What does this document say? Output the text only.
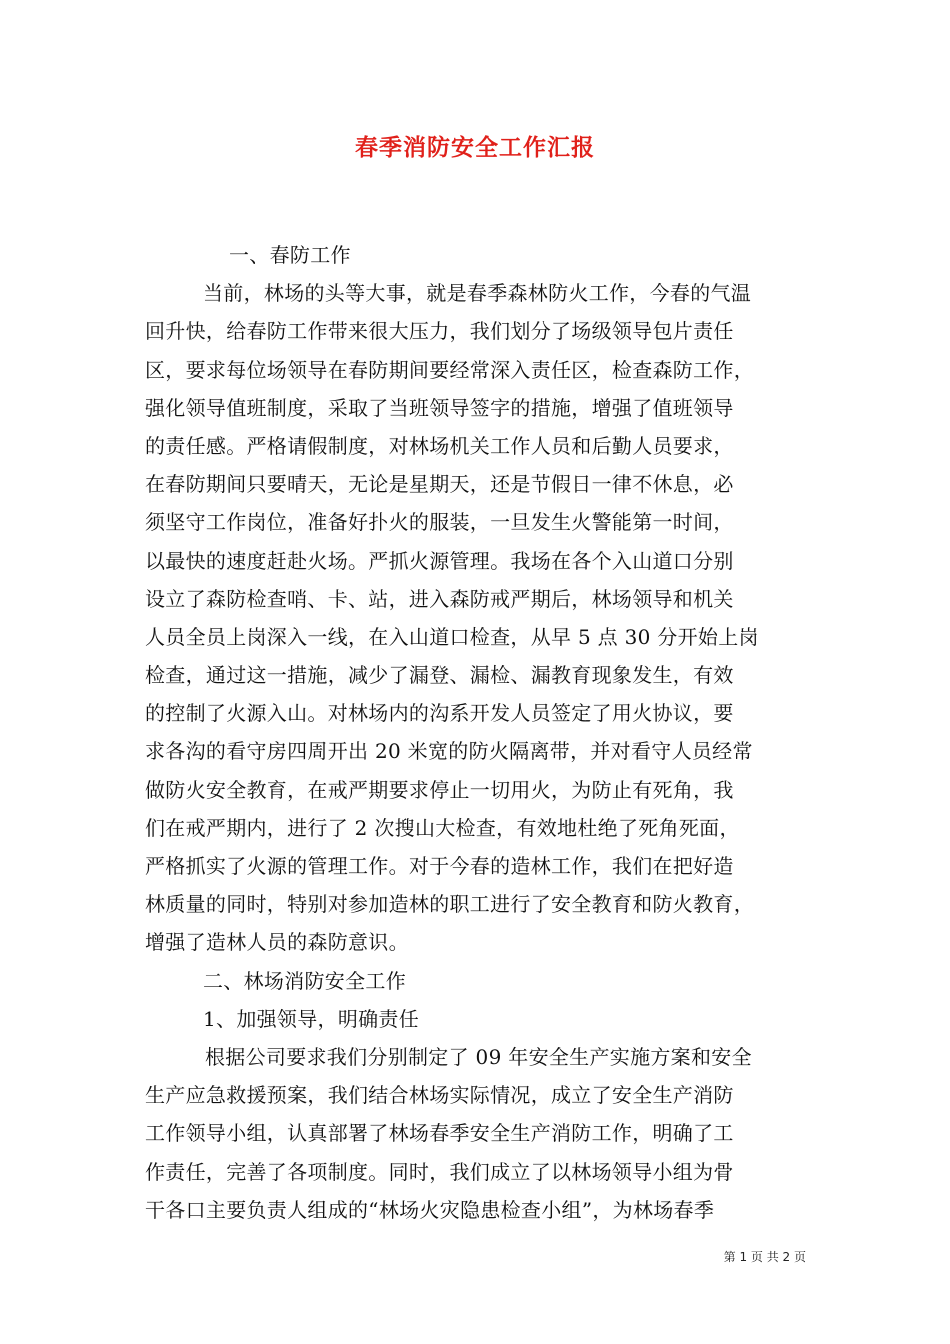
春季消防安全工作汇报
一、春防工作
当前，林场的头等大事，就是春季森林防火工作，今春的气温
回升快，给春防工作带来很大压力，我们划分了场级领导包片责任
区，要求每位场领导在春防期间要经常深入责任区，检查森防工作，
强化领导值班制度，采取了当班领导签字的措施，增强了值班领导
的责任感。严格请假制度，对林场机关工作人员和后勤人员要求，
在春防期间只要晴天，无论是星期天，还是节假日一律不休息，必
须坚守工作岗位，准备好扑火的服装，一旦发生火警能第一时间，
以最快的速度赶赴火场。严抓火源管理。我场在各个入山道口分别
设立了森防检查哨、卡、站，进入森防戒严期后，林场领导和机关
人员全员上岗深入一线，在入山道口检查，从早 5 点 30 分开始上岗
检查，通过这一措施，减少了漏登、漏检、漏教育现象发生，有效
的控制了火源入山。对林场内的沟系开发人员签定了用火协议，要
求各沟的看守房四周开出 20 米宽的防火隔离带，并对看守人员经常
做防火安全教育，在戒严期要求停止一切用火，为防止有死角，我
们在戒严期内，进行了 2 次搜山大检查，有效地杜绝了死角死面，
严格抓实了火源的管理工作。对于今春的造林工作，我们在把好造
林质量的同时，特别对参加造林的职工进行了安全教育和防火教育，
增强了造林人员的森防意识。
二、林场消防安全工作
1、加强领导，明确责任
根据公司要求我们分别制定了 09 年安全生产实施方案和安全
生产应急救援预案，我们结合林场实际情况，成立了安全生产消防
工作领导小组，认真部署了林场春季安全生产消防工作，明确了工
作责任，完善了各项制度。同时，我们成立了以林场领导小组为骨
干各口主要负责人组成的“林场火灾隐患检查小组”，为林场春季
第 1 页 共 2 页
